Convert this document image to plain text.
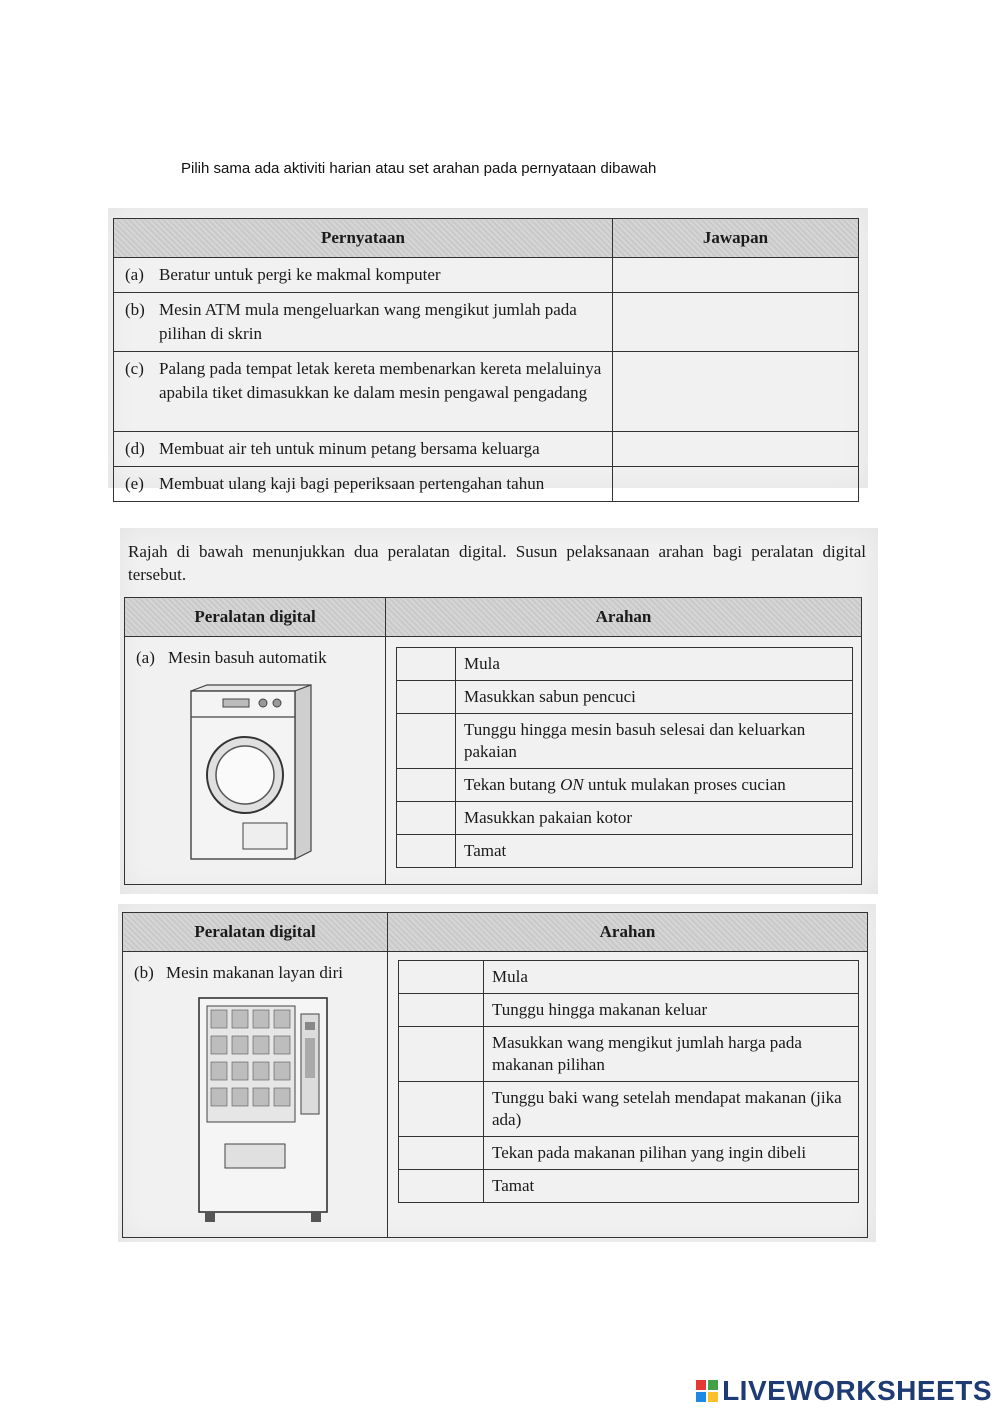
Pilih sama ada aktiviti harian atau set arahan pada pernyataan dibawah
Pernyataan	Jawapan

(a) Beratur untuk pergi ke makmal komputer	

(b) Mesin ATM mula mengeluarkan wang mengikut jumlah pada pilihan di skrin	

(c) Palang pada tempat letak kereta membenarkan kereta melaluinya apabila tiket dimasukkan ke dalam mesin pengawal pengadang	

(d) Membuat air teh untuk minum petang bersama keluarga	

(e) Membuat ulang kaji bagi peperiksaan pertengahan tahun	

Rajah di bawah menunjukkan dua peralatan digital. Susun pelaksanaan arahan bagi peralatan digital tersebut.
Peralatan digital	Arahan

(a) Mesin basuh automatik

		Mula
	Masukkan sabun pencuci
	Tunggu hingga mesin basuh selesai dan keluarkan pakaian
	Tekan butang ON untuk mulakan proses cucian
	Masukkan pakaian kotor
	Tamat
Peralatan digital	Arahan

(b) Mesin makanan layan diri

		Mula
	Tunggu hingga makanan keluar
	Masukkan wang mengikut jumlah harga pada makanan pilihan
	Tunggu baki wang setelah mendapat makanan (jika ada)
	Tekan pada makanan pilihan yang ingin dibeli
	Tamat
LIVEWORKSHEETS
